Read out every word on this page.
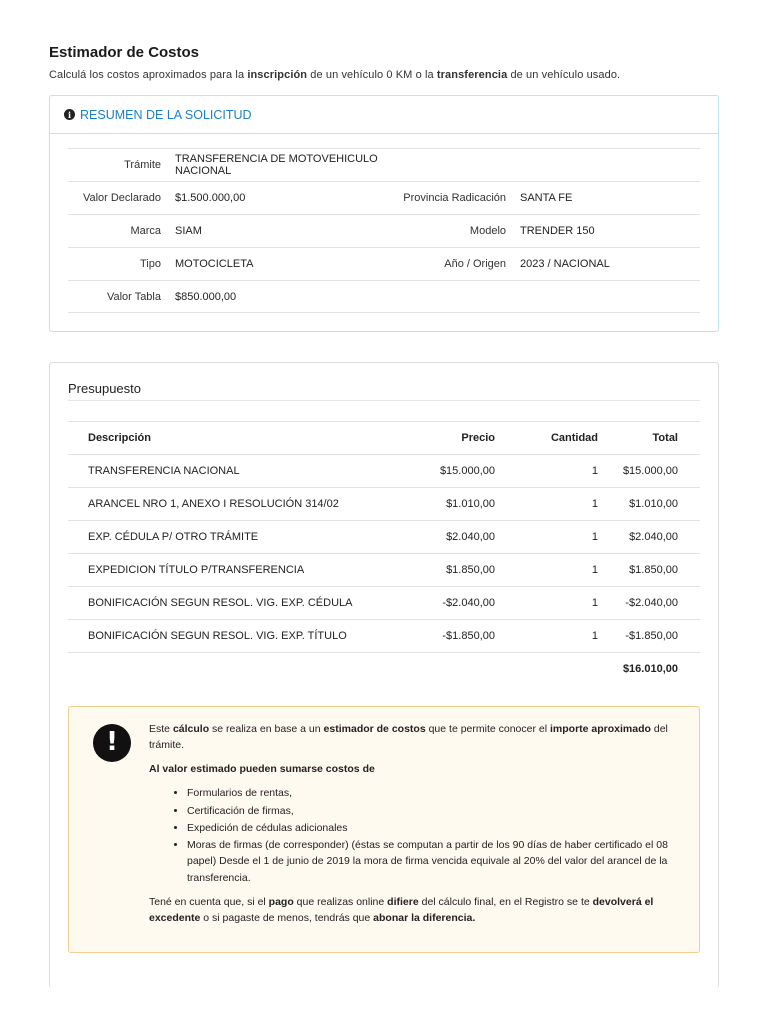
Estimador de Costos

Calculá los costos aproximados para la inscripción de un vehículo 0 KM o la transferencia de un vehículo usado.

i RESUMEN DE LA SOLICITUD
Trámite	TRANSFERENCIA DE MOTOVEHICULO NACIONAL
Valor Declarado	$1.500.000,00	Provincia Radicación	SANTA FE
Marca	SIAM	Modelo	TRENDER 150
Tipo	MOTOCICLETA	Año / Origen	2023 / NACIONAL
Valor Tabla	$850.000,00
Presupuesto
Descripción	Precio	Cantidad	Total
TRANSFERENCIA NACIONAL	$15.000,00	1	$15.000,00
ARANCEL NRO 1, ANEXO I RESOLUCIÓN 314/02	$1.010,00	1	$1.010,00
EXP. CÉDULA P/ OTRO TRÁMITE	$2.040,00	1	$2.040,00
EXPEDICION TÍTULO P/TRANSFERENCIA	$1.850,00	1	$1.850,00
BONIFICACIÓN SEGUN RESOL. VIG. EXP. CÉDULA	-$2.040,00	1	-$2.040,00
BONIFICACIÓN SEGUN RESOL. VIG. EXP. TÍTULO	-$1.850,00	1	-$1.850,00
			$16.010,00
!	Este cálculo se realiza en base a un estimador de costos que te permite conocer el importe aproximado del trámite.

Al valor estimado pueden sumarse costos de

• Formularios de rentas,
• Certificación de firmas,
• Expedición de cédulas adicionales
• Moras de firmas (de corresponder) (éstas se computan a partir de los 90 días de haber certificado el 08 papel) Desde el 1 de junio de 2019 la mora de firma vencida equivale al 20% del valor del arancel de la transferencia.

Tené en cuenta que, si el pago que realizas online difiere del cálculo final, en el Registro se te devolverá el excedente o si pagaste de menos, tendrás que abonar la diferencia.
